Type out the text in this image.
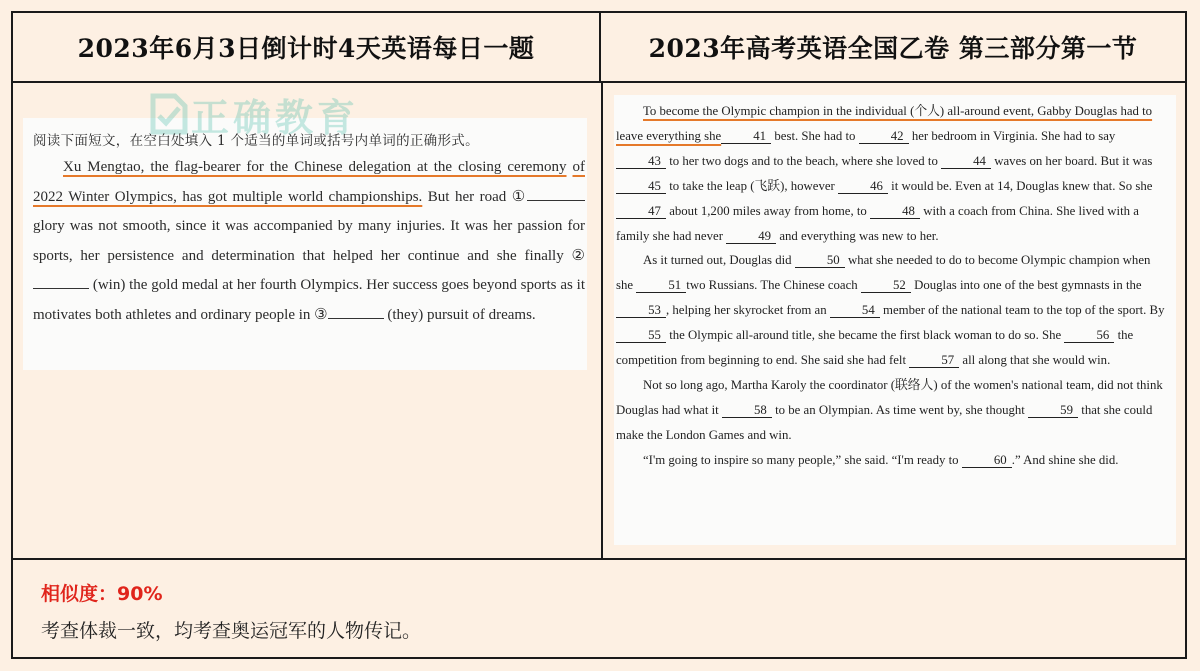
2023年6月3日倒计时4天英语每日一题	2023年高考英语全国乙卷 第三部分第一节
正确教育

阅读下面短文，在空白处填入 1 个适当的单词或括号内单词的正确形式。

Xu Mengtao, the flag-bearer for the Chinese delegation at the closing ceremony of 2022 Winter Olympics, has got multiple world championships. But her road ① glory was not smooth, since it was accompanied by many injuries. It was her passion for sports, her persistence and determination that helped her continue and she finally ② (win) the gold medal at her fourth Olympics. Her success goes beyond sports as it motivates both athletes and ordinary people in ③	(they) pursuit of dreams.

To become the Olympic champion in the individual (个人) all-around event, Gabby Douglas had to leave everything she	41 best. She had to	42 her bedroom in Virginia. She had to say 43 to her two dogs and to the beach, where she loved to	44 waves on her board. But it was 45 to take the leap (飞跃), however	46 it would be. Even at 14, Douglas knew that. So she 47 about 1,200 miles away from home, to	48 with a coach from China. She lived with a family she had never	49 and everything was new to her.

As it turned out, Douglas did	50 what she needed to do to become Olympic champion when she	51 two Russians. The Chinese coach	52 Douglas into one of the best gymnasts in the 53 , helping her skyrocket from an	54 member of the national team to the top of the sport. By 55 the Olympic all-around title, she became the first black woman to do so. She	56 the competition from beginning to end. She said she had felt	57 all along that she would win.

Not so long ago, Martha Karoly the coordinator (联络人) of the women's national team, did not think Douglas had what it	58 to be an Olympian. As time went by, she thought	59 that she could make the London Games and win.

“I'm going to inspire so many people,” she said. “I'm ready to	60 .” And shine she did.

相似度：90%
考查体裁一致，均考查奥运冠军的人物传记。
